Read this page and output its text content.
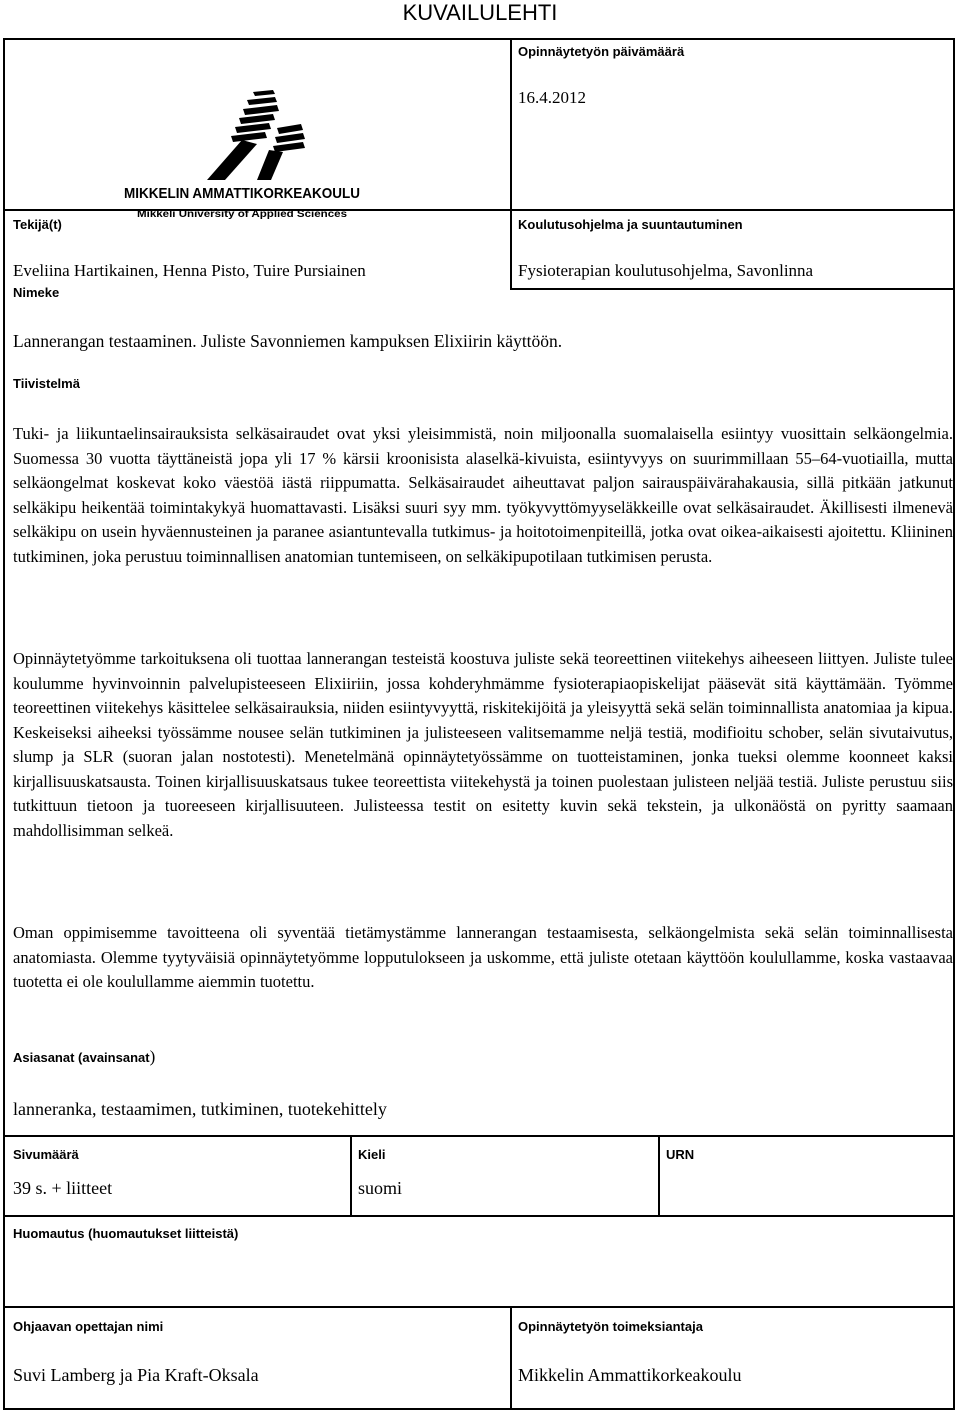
KUVAILULEHTI
MIKKELIN AMMATTIKORKEAKOULU
Mikkeli University of Applied Sciences
Opinnäytetyön päivämäärä
16.4.2012
Tekijä(t)
Eveliina Hartikainen, Henna Pisto, Tuire Pursiainen
Koulutusohjelma ja suuntautuminen
Fysioterapian koulutusohjelma, Savonlinna
Nimeke
Lannerangan testaaminen. Juliste Savonniemen kampuksen Elixiirin käyttöön.
Tiivistelmä

Tuki- ja liikuntaelinsairauksista selkäsairaudet ovat yksi yleisimmistä, noin miljoonalla suomalaisella esiintyy vuosittain selkäongelmia. Suomessa 30 vuotta täyttäneistä jopa yli 17 % kärsii kroonisista alaselkä-kivuista, esiintyvyys on suurimmillaan 55–64-vuotiailla, mutta selkäongelmat koskevat koko väestöä iästä riippumatta. Selkäsairaudet aiheuttavat paljon sairauspäivärahakausia, sillä pitkään jatkunut selkäkipu heikentää toimintakykyä huomattavasti. Lisäksi suuri syy mm. työkyvyttömyyseläkkeille ovat selkäsairaudet. Äkillisesti ilmenevä selkäkipu on usein hyväennusteinen ja paranee asiantuntevalla tutkimus- ja hoitotoimenpiteillä, jotka ovat oikea-aikaisesti ajoitettu. Kliininen tutkiminen, joka perustuu toiminnallisen anatomian tuntemiseen, on selkäkipupotilaan tutkimisen perusta.

Opinnäytetyömme tarkoituksena oli tuottaa lannerangan testeistä koostuva juliste sekä teoreettinen viitekehys aiheeseen liittyen. Juliste tulee koulumme hyvinvoinnin palvelupisteeseen Elixiiriin, jossa kohderyhmämme fysioterapiaopiskelijat pääsevät sitä käyttämään. Työmme teoreettinen viitekehys käsittelee selkäsairauksia, niiden esiintyvyyttä, riskitekijöitä ja yleisyyttä sekä selän toiminnallista anatomiaa ja kipua. Keskeiseksi aiheeksi työssämme nousee selän tutkiminen ja julisteeseen valitsemamme neljä testiä, modifioitu schober, selän sivutaivutus, slump ja SLR (suoran jalan nostotesti). Menetelmänä opinnäytetyössämme on tuotteistaminen, jonka tueksi olemme koonneet kaksi kirjallisuuskatsausta. Toinen kirjallisuuskatsaus tukee teoreettista viitekehystä ja toinen puolestaan julisteen neljää testiä. Juliste perustuu siis tutkittuun tietoon ja tuoreeseen kirjallisuuteen. Julisteessa testit on esitetty kuvin sekä tekstein, ja ulkonäöstä on pyritty saamaan mahdollisimman selkeä.

Oman oppimisemme tavoitteena oli syventää tietämystämme lannerangan testaamisesta, selkäongelmista sekä selän toiminnallisesta anatomiasta. Olemme tyytyväisiä opinnäytetyömme lopputulokseen ja uskomme, että juliste otetaan käyttöön koulullamme, koska vastaavaa tuotetta ei ole koulullamme aiemmin tuotettu.

Asiasanat (avainsanat)
lanneranka, testaamimen, tutkiminen, tuotekehittely
Sivumäärä
39 s. + liitteet
Kieli
suomi
URN
Huomautus (huomautukset liitteistä)
Ohjaavan opettajan nimi
Suvi Lamberg ja Pia Kraft-Oksala
Opinnäytetyön toimeksiantaja
Mikkelin Ammattikorkeakoulu
